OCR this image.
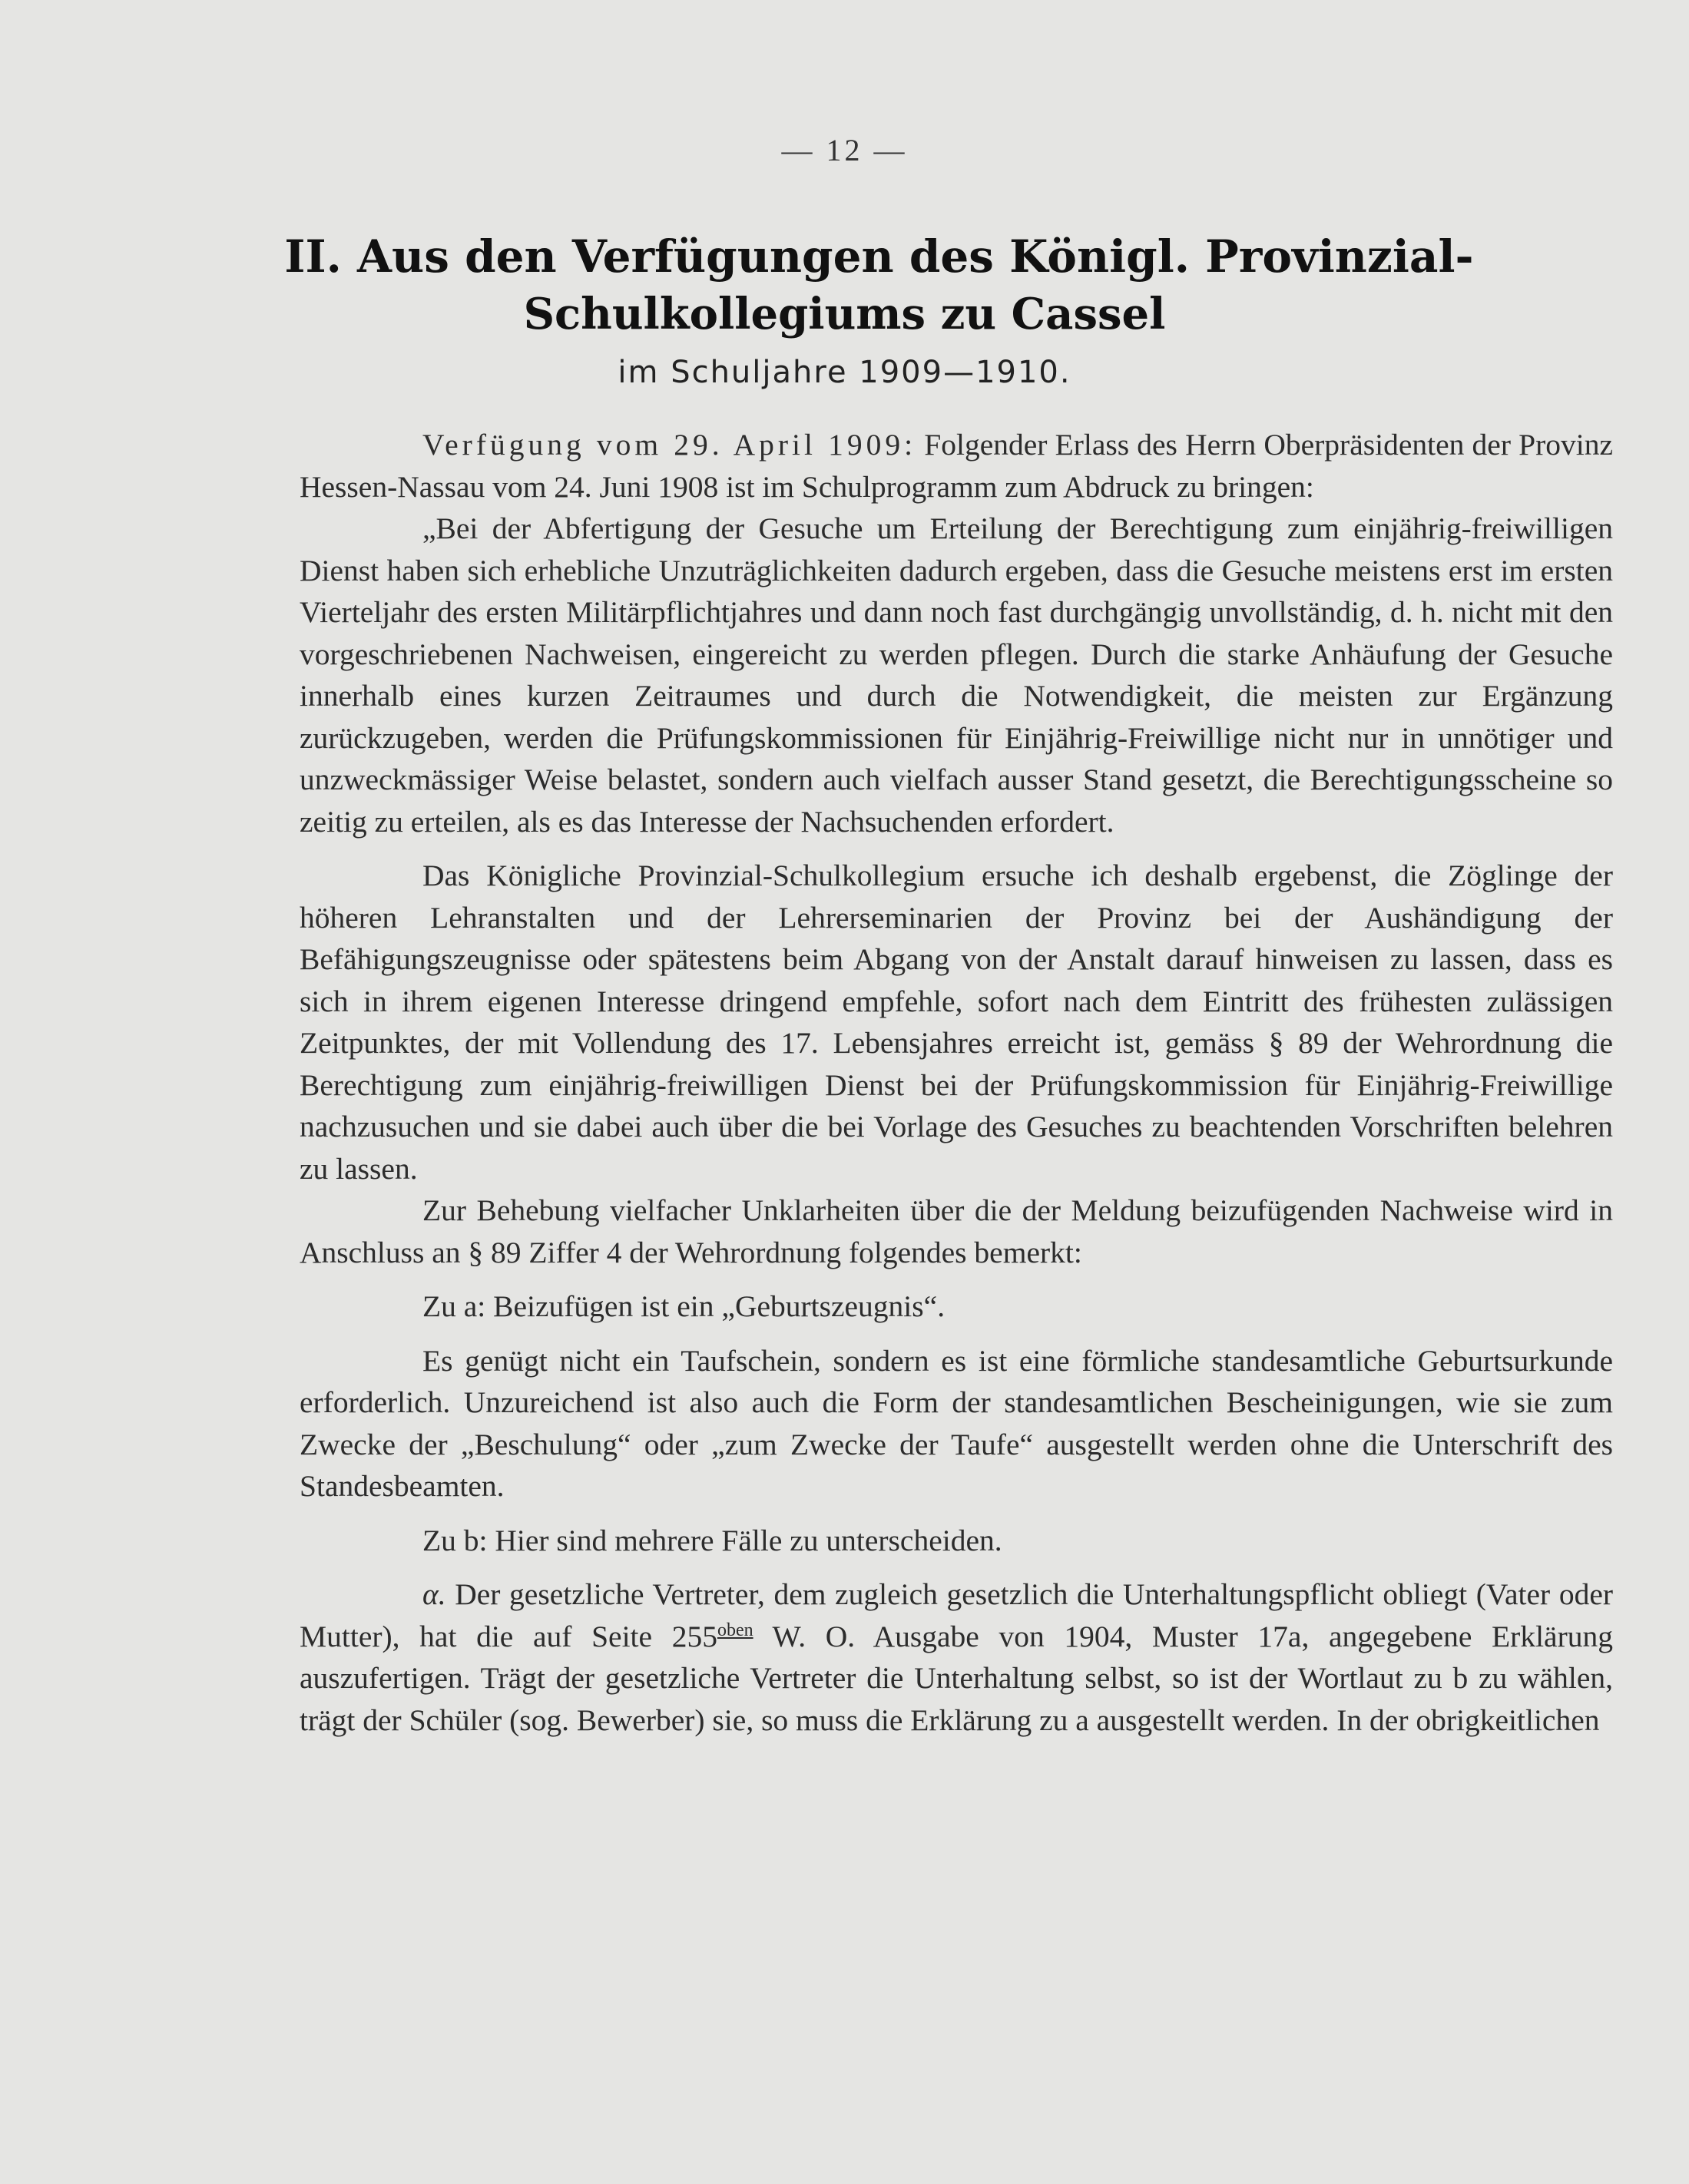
— 12 —
II. Aus den Verfügungen des Königl. Provinzial-
Schulkollegiums zu Cassel
im Schuljahre 1909—1910.

Verfügung vom 29. April 1909: Folgender Erlass des Herrn Oberpräsidenten der Provinz Hessen-Nassau vom 24. Juni 1908 ist im Schulprogramm zum Abdruck zu bringen:

„Bei der Abfertigung der Gesuche um Erteilung der Berechtigung zum einjährig-freiwilligen Dienst haben sich erhebliche Unzuträglichkeiten dadurch ergeben, dass die Gesuche meistens erst im ersten Vierteljahr des ersten Militärpflichtjahres und dann noch fast durchgängig unvollständig, d. h. nicht mit den vorgeschriebenen Nachweisen, eingereicht zu werden pflegen. Durch die starke Anhäufung der Gesuche innerhalb eines kurzen Zeitraumes und durch die Notwendigkeit, die meisten zur Ergänzung zurückzugeben, werden die Prüfungskommissionen für Einjährig-Freiwillige nicht nur in unnötiger und unzweckmässiger Weise belastet, sondern auch vielfach ausser Stand gesetzt, die Berechtigungsscheine so zeitig zu erteilen, als es das Interesse der Nachsuchenden erfordert.

Das Königliche Provinzial-Schulkollegium ersuche ich deshalb ergebenst, die Zöglinge der höheren Lehranstalten und der Lehrerseminarien der Provinz bei der Aushändigung der Befähigungszeugnisse oder spätestens beim Abgang von der Anstalt darauf hinweisen zu lassen, dass es sich in ihrem eigenen Interesse dringend empfehle, sofort nach dem Eintritt des frühesten zulässigen Zeitpunktes, der mit Vollendung des 17. Lebensjahres erreicht ist, gemäss § 89 der Wehrordnung die Berechtigung zum einjährig-freiwilligen Dienst bei der Prüfungskommission für Einjährig-Freiwillige nachzusuchen und sie dabei auch über die bei Vorlage des Gesuches zu beachtenden Vorschriften belehren zu lassen.

Zur Behebung vielfacher Unklarheiten über die der Meldung beizufügenden Nachweise wird in Anschluss an § 89 Ziffer 4 der Wehrordnung folgendes bemerkt:

Zu a: Beizufügen ist ein „Geburtszeugnis“.

Es genügt nicht ein Taufschein, sondern es ist eine förmliche standesamtliche Geburtsurkunde erforderlich. Unzureichend ist also auch die Form der standesamtlichen Bescheinigungen, wie sie zum Zwecke der „Beschulung“ oder „zum Zwecke der Taufe“ ausgestellt werden ohne die Unterschrift des Standesbeamten.

Zu b: Hier sind mehrere Fälle zu unterscheiden.

α. Der gesetzliche Vertreter, dem zugleich gesetzlich die Unterhaltungspflicht obliegt (Vater oder Mutter), hat die auf Seite $255^{oben}$ W. O. Ausgabe von 1904, Muster 17a, angegebene Erklärung auszufertigen. Trägt der gesetzliche Vertreter die Unterhaltung selbst, so ist der Wortlaut zu b zu wählen, trägt der Schüler (sog. Bewerber) sie, so muss die Erklärung zu a ausgestellt werden. In der obrigkeitlichen
